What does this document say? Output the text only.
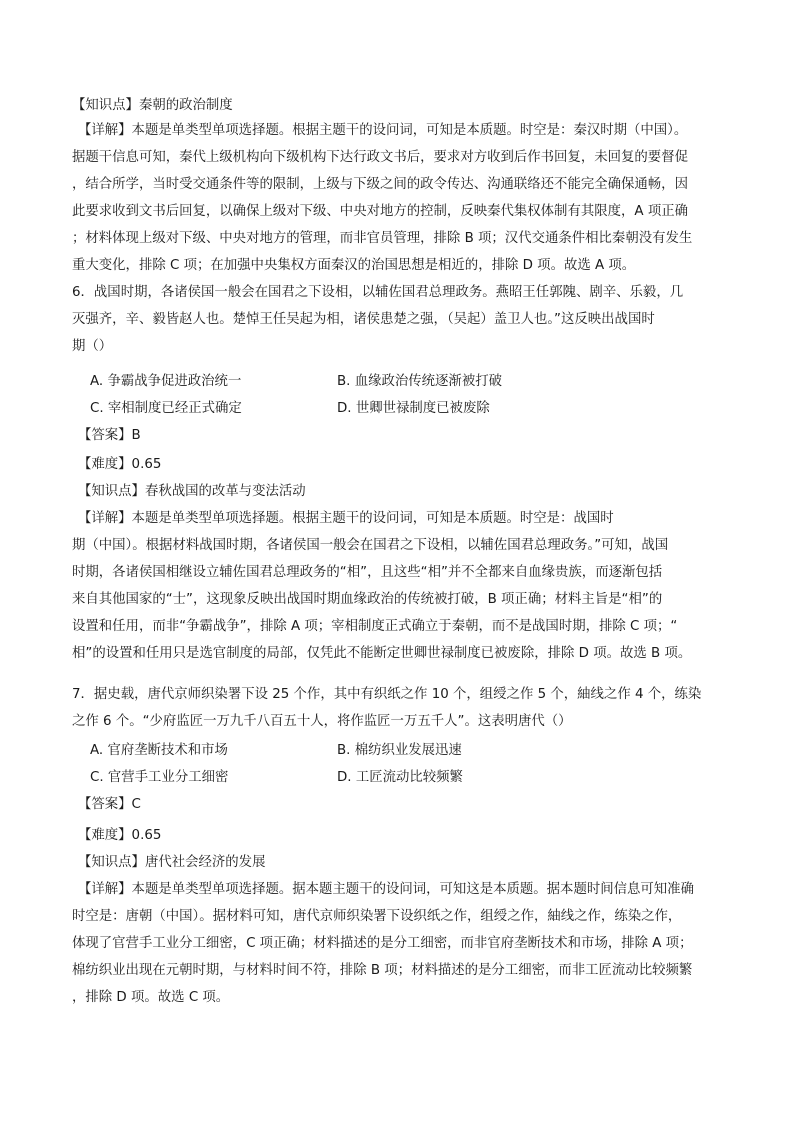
【知识点】秦朝的政治制度
【详解】本题是单类型单项选择题。根据主题干的设问词，可知是本质题。时空是：秦汉时期（中国）。
据题干信息可知，秦代上级机构向下级机构下达行政文书后，要求对方收到后作书回复，未回复的要督促
，结合所学，当时受交通条件等的限制，上级与下级之间的政令传达、沟通联络还不能完全确保通畅，因
此要求收到文书后回复，以确保上级对下级、中央对地方的控制，反映秦代集权体制有其限度，A 项正确
；材料体现上级对下级、中央对地方的管理，而非官员管理，排除 B 项；汉代交通条件相比秦朝没有发生
重大变化，排除 C 项；在加强中央集权方面秦汉的治国思想是相近的，排除 D 项。故选 A 项。
6．战国时期，各诸侯国一般会在国君之下设相，以辅佐国君总理政务。燕昭王任郭隗、剧辛、乐毅，几
灭强齐，辛、毅皆赵人也。楚悼王任吴起为相，诸侯患楚之强，（吴起）盖卫人也。”这反映出战国时
期（）
A. 争霸战争促进政治统一	B. 血缘政治传统逐渐被打破
C. 宰相制度已经正式确定	D. 世卿世禄制度已被废除
【答案】B
【难度】0.65
【知识点】春秋战国的改革与变法活动
【详解】本题是单类型单项选择题。根据主题干的设问词，可知是本质题。时空是：战国时
期（中国）。根据材料战国时期，各诸侯国一般会在国君之下设相，以辅佐国君总理政务。”可知，战国
时期，各诸侯国相继设立辅佐国君总理政务的“相”，且这些“相”并不全都来自血缘贵族，而逐渐包括
来自其他国家的“士”，这现象反映出战国时期血缘政治的传统被打破，B 项正确；材料主旨是“相”的
设置和任用，而非“争霸战争”，排除 A 项；宰相制度正式确立于秦朝，而不是战国时期，排除 C 项；“
相”的设置和任用只是选官制度的局部，仅凭此不能断定世卿世禄制度已被废除，排除 D 项。故选 B 项。
7．据史载，唐代京师织染署下设 25 个作，其中有织纸之作 10 个，组绶之作 5 个，紬线之作 4 个，练染
之作 6 个。“少府监匠一万九千八百五十人，将作监匠一万五千人”。这表明唐代（）
A. 官府垄断技术和市场	B. 棉纺织业发展迅速
C. 官营手工业分工细密	D. 工匠流动比较频繁
【答案】C
【难度】0.65
【知识点】唐代社会经济的发展
【详解】本题是单类型单项选择题。据本题主题干的设问词，可知这是本质题。据本题时间信息可知准确
时空是：唐朝（中国）。据材料可知，唐代京师织染署下设织纸之作，组绶之作，紬线之作，练染之作，
体现了官营手工业分工细密，C 项正确；材料描述的是分工细密，而非官府垄断技术和市场，排除 A 项；
棉纺织业出现在元朝时期，与材料时间不符，排除 B 项；材料描述的是分工细密，而非工匠流动比较频繁
，排除 D 项。故选 C 项。
